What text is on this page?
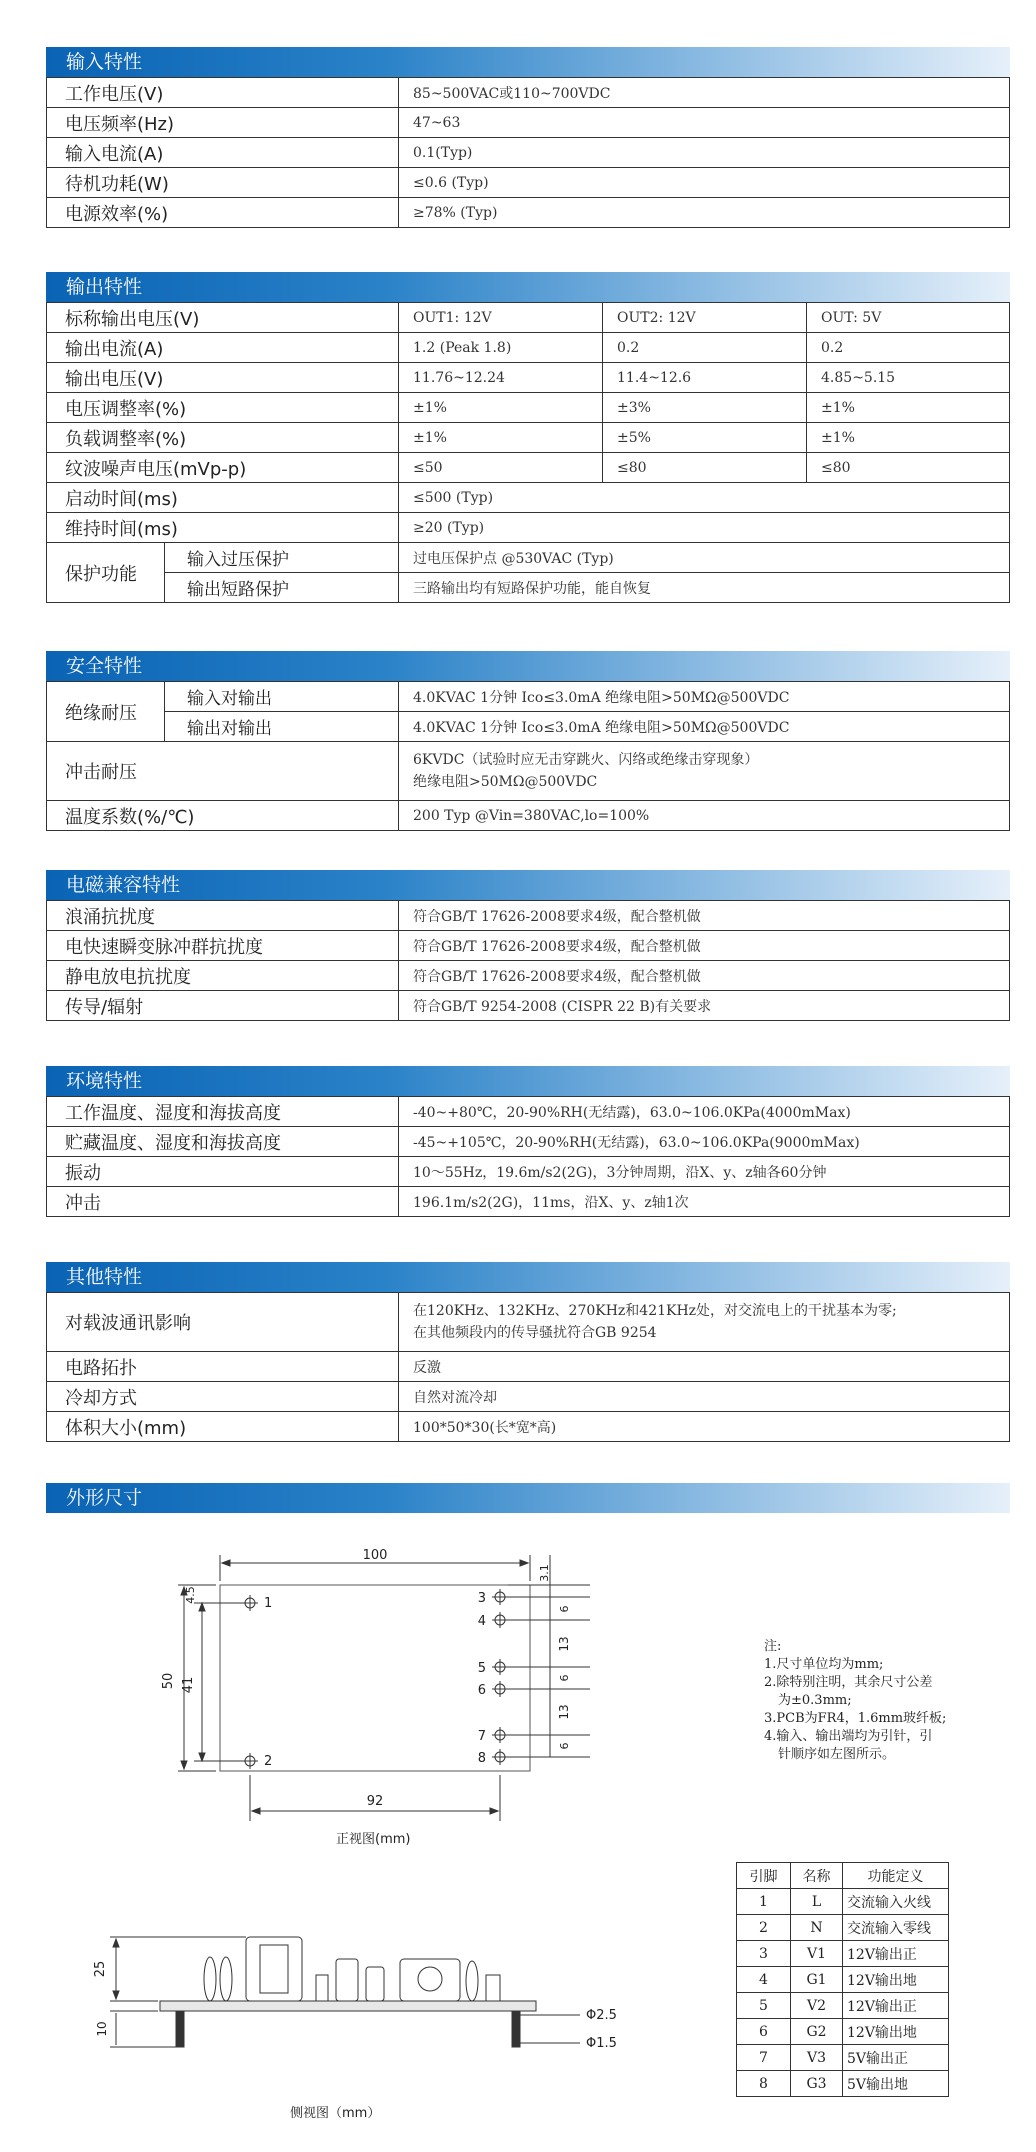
输入特性
工作电压(V)	85~500VAC或110~700VDC
电压频率(Hz)	47~63
输入电流(A)	0.1(Typ)
待机功耗(W)	≤0.6 (Typ)
电源效率(%)	≥78% (Typ)
输出特性
标称输出电压(V)		OUT1: 12V	OUT2: 12V	OUT: 5V
输出电流(A)		1.2 (Peak 1.8)	0.2	0.2
输出电压(V)		11.76~12.24	11.4~12.6	4.85~5.15
电压调整率(%)		±1%	±3%	±1%
负载调整率(%)		±1%	±5%	±1%
纹波噪声电压(mVp-p)		≤50	≤80	≤80
启动时间(ms)		≤500 (Typ)		
维持时间(ms)		≥20 (Typ)		
保护功能	输入过压保护	过电压保护点 @530VAC (Typ)		
	输出短路保护	三路输出均有短路保护功能，能自恢复		
安全特性
绝缘耐压	输入对输出	4.0KVAC 1分钟 Ico≤3.0mA 绝缘电阻>50MΩ@500VDC
	输出对输出	4.0KVAC 1分钟 Ico≤3.0mA 绝缘电阻>50MΩ@500VDC
冲击耐压		6KVDC（试验时应无击穿跳火、闪络或绝缘击穿现象）
绝缘电阻>50MΩ@500VDC

温度系数(%/℃)		200 Typ @Vin=380VAC,lo=100%
电磁兼容特性
浪涌抗扰度	符合GB/T 17626-2008要求4级，配合整机做
电快速瞬变脉冲群抗扰度	符合GB/T 17626-2008要求4级，配合整机做
静电放电抗扰度	符合GB/T 17626-2008要求4级，配合整机做
传导/辐射	符合GB/T 9254-2008 (CISPR 22 B)有关要求
环境特性
工作温度、湿度和海拔高度	-40~+80℃，20-90%RH(无结露)，63.0~106.0KPa(4000mMax)
贮藏温度、湿度和海拔高度	-45~+105℃，20-90%RH(无结露)，63.0~106.0KPa(9000mMax)
振动	10～55Hz，19.6m/s2(2G)，3分钟周期，沿X、y、z轴各60分钟
冲击	196.1m/s2(2G)，11ms，沿X、y、z轴1次
其他特性
对载波通讯影响	在120KHz、132KHz、270KHz和421KHz处，对交流电上的干扰基本为零;
在其他频段内的传导骚扰符合GB 9254

电路拓扑	反激
冷却方式	自然对流冷却
体积大小(mm)	100*50*30(长*宽*高)
外形尺寸
100
92
50 41
4.5	1
2
3
4
5
6
7
8
3.1
6
13
6
13
6
正视图(mm)
注:
1.尺寸单位均为mm;
2.除特别注明，其余尺寸公差
为±0.3mm;
3.PCB为FR4，1.6mm玻纤板;
4.输入、输出端均为引针，引
针顺序如左图所示。
25
10
Φ2.5
Φ1.5
侧视图（mm）
引脚	名称	功能定义
1	L	交流输入火线
2	N	交流输入零线
3	V1	12V输出正
4	G1	12V输出地
5	V2	12V输出正
6	G2	12V输出地
7	V3	5V输出正
8	G3	5V输出地
